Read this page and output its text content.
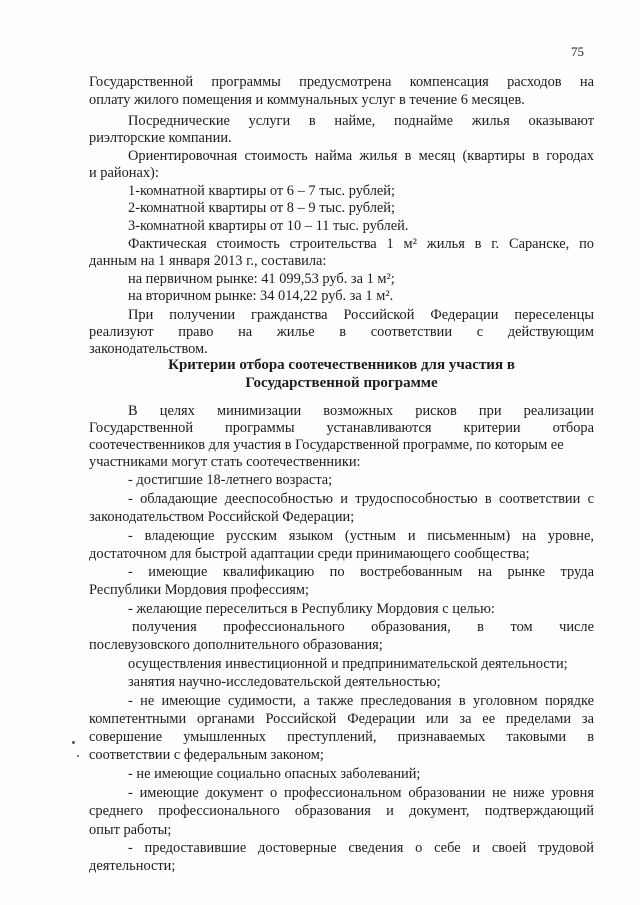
75
Государственной программы предусмотрена компенсация расходов на
оплату жилого помещения и коммунальных услуг в течение 6 месяцев.
Посреднические услуги в найме, поднайме жилья оказывают
риэлторские компании.
Ориентировочная стоимость найма жилья в месяц (квартиры в городах
и районах):
1-комнатной квартиры от 6 – 7 тыс. рублей;
2-комнатной квартиры от 8 – 9 тыс. рублей;
3-комнатной квартиры от 10 – 11 тыс. рублей.
Фактическая стоимость строительства 1 м² жилья в г. Саранске, по
данным на 1 января 2013 г., составила:
на первичном рынке: 41 099,53 руб. за 1 м²;
на вторичном рынке: 34 014,22 руб. за 1 м².
При получении гражданства Российской Федерации переселенцы
реализуют право на жилье в соответствии с действующим
законодательством.
Критерии отбора соотечественников для участия в
Государственной программе
В целях минимизации возможных рисков при реализации
Государственной программы устанавливаются критерии отбора
соотечественников для участия в Государственной программе, по которым ее
участниками могут стать соотечественники:
- достигшие 18-летнего возраста;
- обладающие дееспособностью и трудоспособностью в соответствии с
законодательством Российской Федерации;
- владеющие русским языком (устным и письменным) на уровне,
достаточном для быстрой адаптации среди принимающего сообщества;
- имеющие квалификацию по востребованным на рынке труда
Республики Мордовия профессиям;
- желающие переселиться в Республику Мордовия с целью:
получения профессионального образования, в том числе
послевузовского дополнительного образования;
осуществления инвестиционной и предпринимательской деятельности;
занятия научно-исследовательской деятельностью;
- не имеющие судимости, а также преследования в уголовном порядке
компетентными органами Российской Федерации или за ее пределами за
совершение умышленных преступлений, признаваемых таковыми в
соответствии с федеральным законом;
- не имеющие социально опасных заболеваний;
- имеющие документ о профессиональном образовании не ниже уровня
среднего профессионального образования и документ, подтверждающий
опыт работы;
- предоставившие достоверные сведения о себе и своей трудовой
деятельности;
